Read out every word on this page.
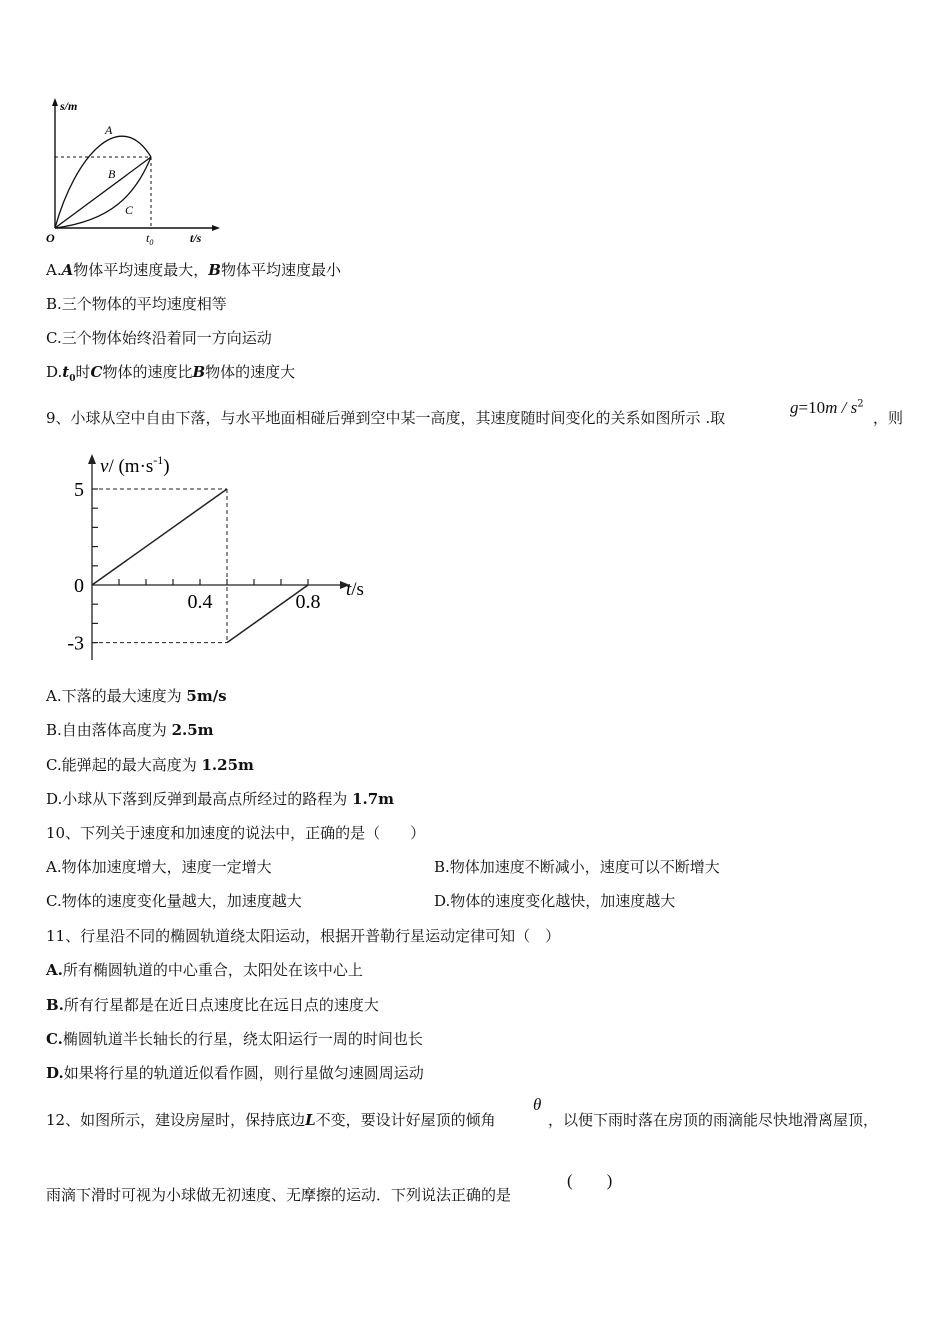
s/m
A
B
C
O	$t_0$	t/s
A.A物体平均速度最大，B物体平均速度最小
B.三个物体的平均速度相等
C.三个物体始终沿着同一方向运动
$D.t_0$时C物体的速度比B物体的速度大
9、小球从空中自由下落，与水平地面相碰后弹到空中某一高度，其速度随时间变化的关系如图所示 .取
$g=10m / s^2$
，则
v/ $(m\cdot s^{-1})$
t/s
5
0
-3
0.4	0.8
A.下落的最大速度为 5m/s
B.自由落体高度为 2.5m
C.能弹起的最大高度为 1.25m
D.小球从下落到反弹到最高点所经过的路程为 1.7m
10、下列关于速度和加速度的说法中，正确的是（　　）
A.物体加速度增大，速度一定增大	B.物体加速度不断减小，速度可以不断增大
C.物体的速度变化量越大，加速度越大	D.物体的速度变化越快，加速度越大
11、行星沿不同的椭圆轨道绕太阳运动，根据开普勒行星运动定律可知（　）
A.所有椭圆轨道的中心重合，太阳处在该中心上
B.所有行星都是在近日点速度比在远日点的速度大
C.椭圆轨道半长轴长的行星，绕太阳运行一周的时间也长
D.如果将行星的轨道近似看作圆，则行星做匀速圆周运动
12、如图所示，建设房屋时，保持底边L不变，要设计好屋顶的倾角
θ
，以便下雨时落在房顶的雨滴能尽快地滑离屋顶，
雨滴下滑时可视为小球做无初速度、无摩擦的运动．下列说法正确的是
(　　)
